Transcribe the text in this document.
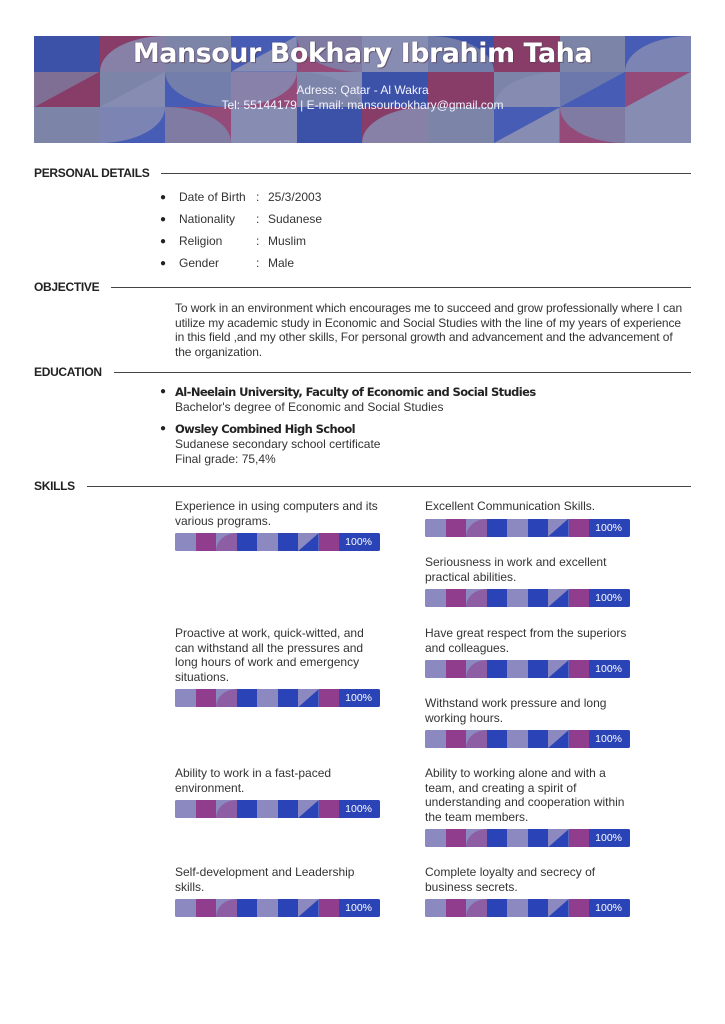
Mansour Bokhary Ibrahim Taha
Adress: Qatar - Al Wakra
Tel: 55144179 | E-mail: mansourbokhary@gmail.com
PERSONAL DETAILS
●	Date of Birth : 25/3/2003
●	Nationality	: Sudanese
●	Religion	: Muslim
●	Gender	: Male
OBJECTIVE

To work in an environment which encourages me to succeed and grow professionally where I can utilize my academic study in Economic and Social Studies with the line of my years of experience in this field ,and my other skills, For personal growth and advancement and the advancement of the organization.

EDUCATION
● Al-Neelain University, Faculty of Economic and Social Studies
Bachelor's degree of Economic and Social Studies
● Owsley Combined High School
Sudanese secondary school certificate
Final grade: 75,4%
SKILLS
Experience in using computers and its various programs.
100%
Excellent Communication Skills.
100%
Seriousness in work and excellent practical abilities.
100%
Proactive at work, quick-witted, and can withstand all the pressures and long hours of work and emergency situations.
100%
Have great respect from the superiors and colleagues.
100%
Withstand work pressure and long working hours.
100%
Ability to work in a fast-paced environment.
100%
Ability to working alone and with a team, and creating a spirit of understanding and cooperation within the team members.
100%
Self-development and Leadership skills.
100%
Complete loyalty and secrecy of business secrets.
100%
